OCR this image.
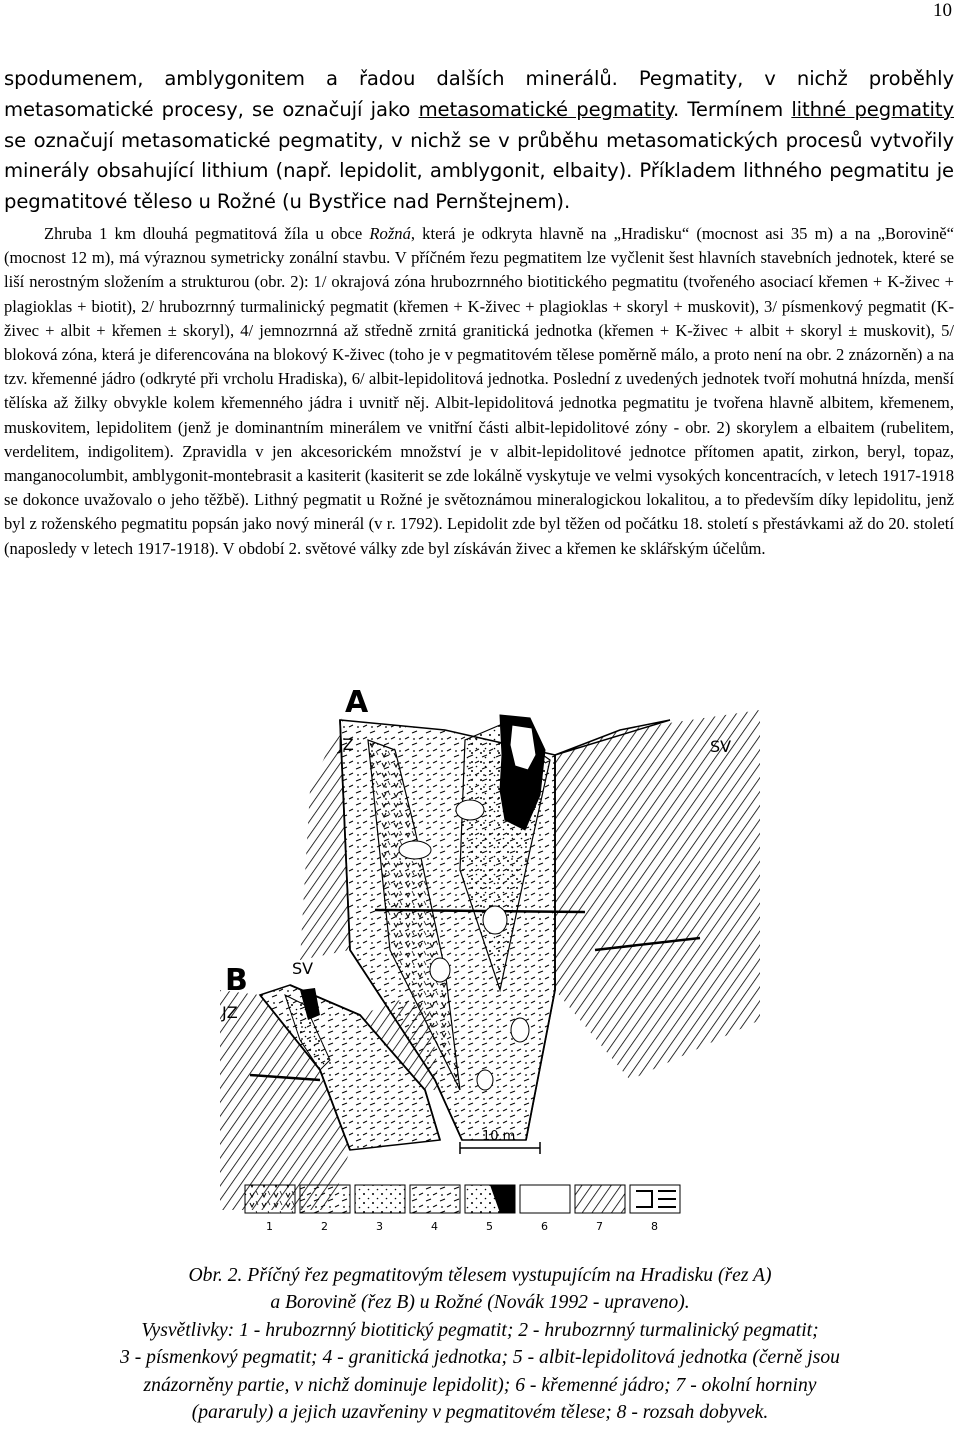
10
spodumenem, amblygonitem a řadou dalších minerálů. Pegmatity, v nichž proběhly metasomatické procesy, se označují jako metasomatické pegmatity. Termínem lithné pegmatity se označují metasomatické pegmatity, v nichž se v průběhu metasomatických procesů vytvořily minerály obsahující lithium (např. lepidolit, amblygonit, elbaity). Příkladem lithného pegmatitu je pegmatitové těleso u Rožné (u Bystřice nad Pernštejnem).
Zhruba 1 km dlouhá pegmatitová žíla u obce Rožná, která je odkryta hlavně na „Hradisku“ (mocnost asi 35 m) a na „Borovině“ (mocnost 12 m), má výraznou symetricky zonální stavbu. V příčném řezu pegmatitem lze vyčlenit šest hlavních stavebních jednotek, které se liší nerostným složením a strukturou (obr. 2): 1/ okrajová zóna hrubozrnného biotitického pegmatitu (tvořeného asociací křemen + K-živec + plagioklas + biotit), 2/ hrubozrnný turmalinický pegmatit (křemen + K-živec + plagioklas + skoryl + muskovit), 3/ písmenkový pegmatit (K-živec + albit + křemen ± skoryl), 4/ jemnozrnná až středně zrnitá granitická jednotka (křemen + K-živec + albit + skoryl ± muskovit), 5/ bloková zóna, která je diferencována na blokový K-živec (toho je v pegmatitovém tělese poměrně málo, a proto není na obr. 2 znázorněn) a na tzv. křemenné jádro (odkryté při vrcholu Hradiska), 6/ albit-lepidolitová jednotka. Poslední z uvedených jednotek tvoří mohutná hnízda, menší tělíska až žilky obvykle kolem křemenného jádra i uvnitř něj. Albit-lepidolitová jednotka pegmatitu je tvořena hlavně albitem, křemenem, muskovitem, lepidolitem (jenž je dominantním minerálem ve vnitřní části albit-lepidolitové zóny - obr. 2) skorylem a elbaitem (rubelitem, verdelitem, indigolitem). Zpravidla v jen akcesorickém množství je v albit-lepidolitové jednotce přítomen apatit, zirkon, beryl, topaz, manganocolumbit, amblygonit-montebrasit a kasiterit (kasiterit se zde lokálně vyskytuje ve velmi vysokých koncentracích, v letech 1917-1918 se dokonce uvažovalo o jeho těžbě). Lithný pegmatit u Rožné je světoznámou mineralogickou lokalitou, a to především díky lepidolitu, jenž byl z roženského pegmatitu popsán jako nový minerál (v r. 1792). Lepidolit zde byl těžen od počátku 18. století s přestávkami až do 20. století (naposledy v letech 1917-1918). V období 2. světové války zde byl získáván živec a křemen ke sklářským účelům.
A
JZ	SV
B
JZ
SV
10 m
1	2	3	4	5	6	7	8
Obr. 2. Příčný řez pegmatitovým tělesem vystupujícím na Hradisku (řez A)
a Borovině (řez B) u Rožné (Novák 1992 - upraveno).
Vysvětlivky: 1 - hrubozrnný biotitický pegmatit; 2 - hrubozrnný turmalinický pegmatit;
3 - písmenkový pegmatit; 4 - granitická jednotka; 5 - albit-lepidolitová jednotka (černě jsou
znázorněny partie, v nichž dominuje lepidolit); 6 - křemenné jádro; 7 - okolní horniny
(pararuly) a jejich uzavřeniny v pegmatitovém tělese; 8 - rozsah dobyvek.
